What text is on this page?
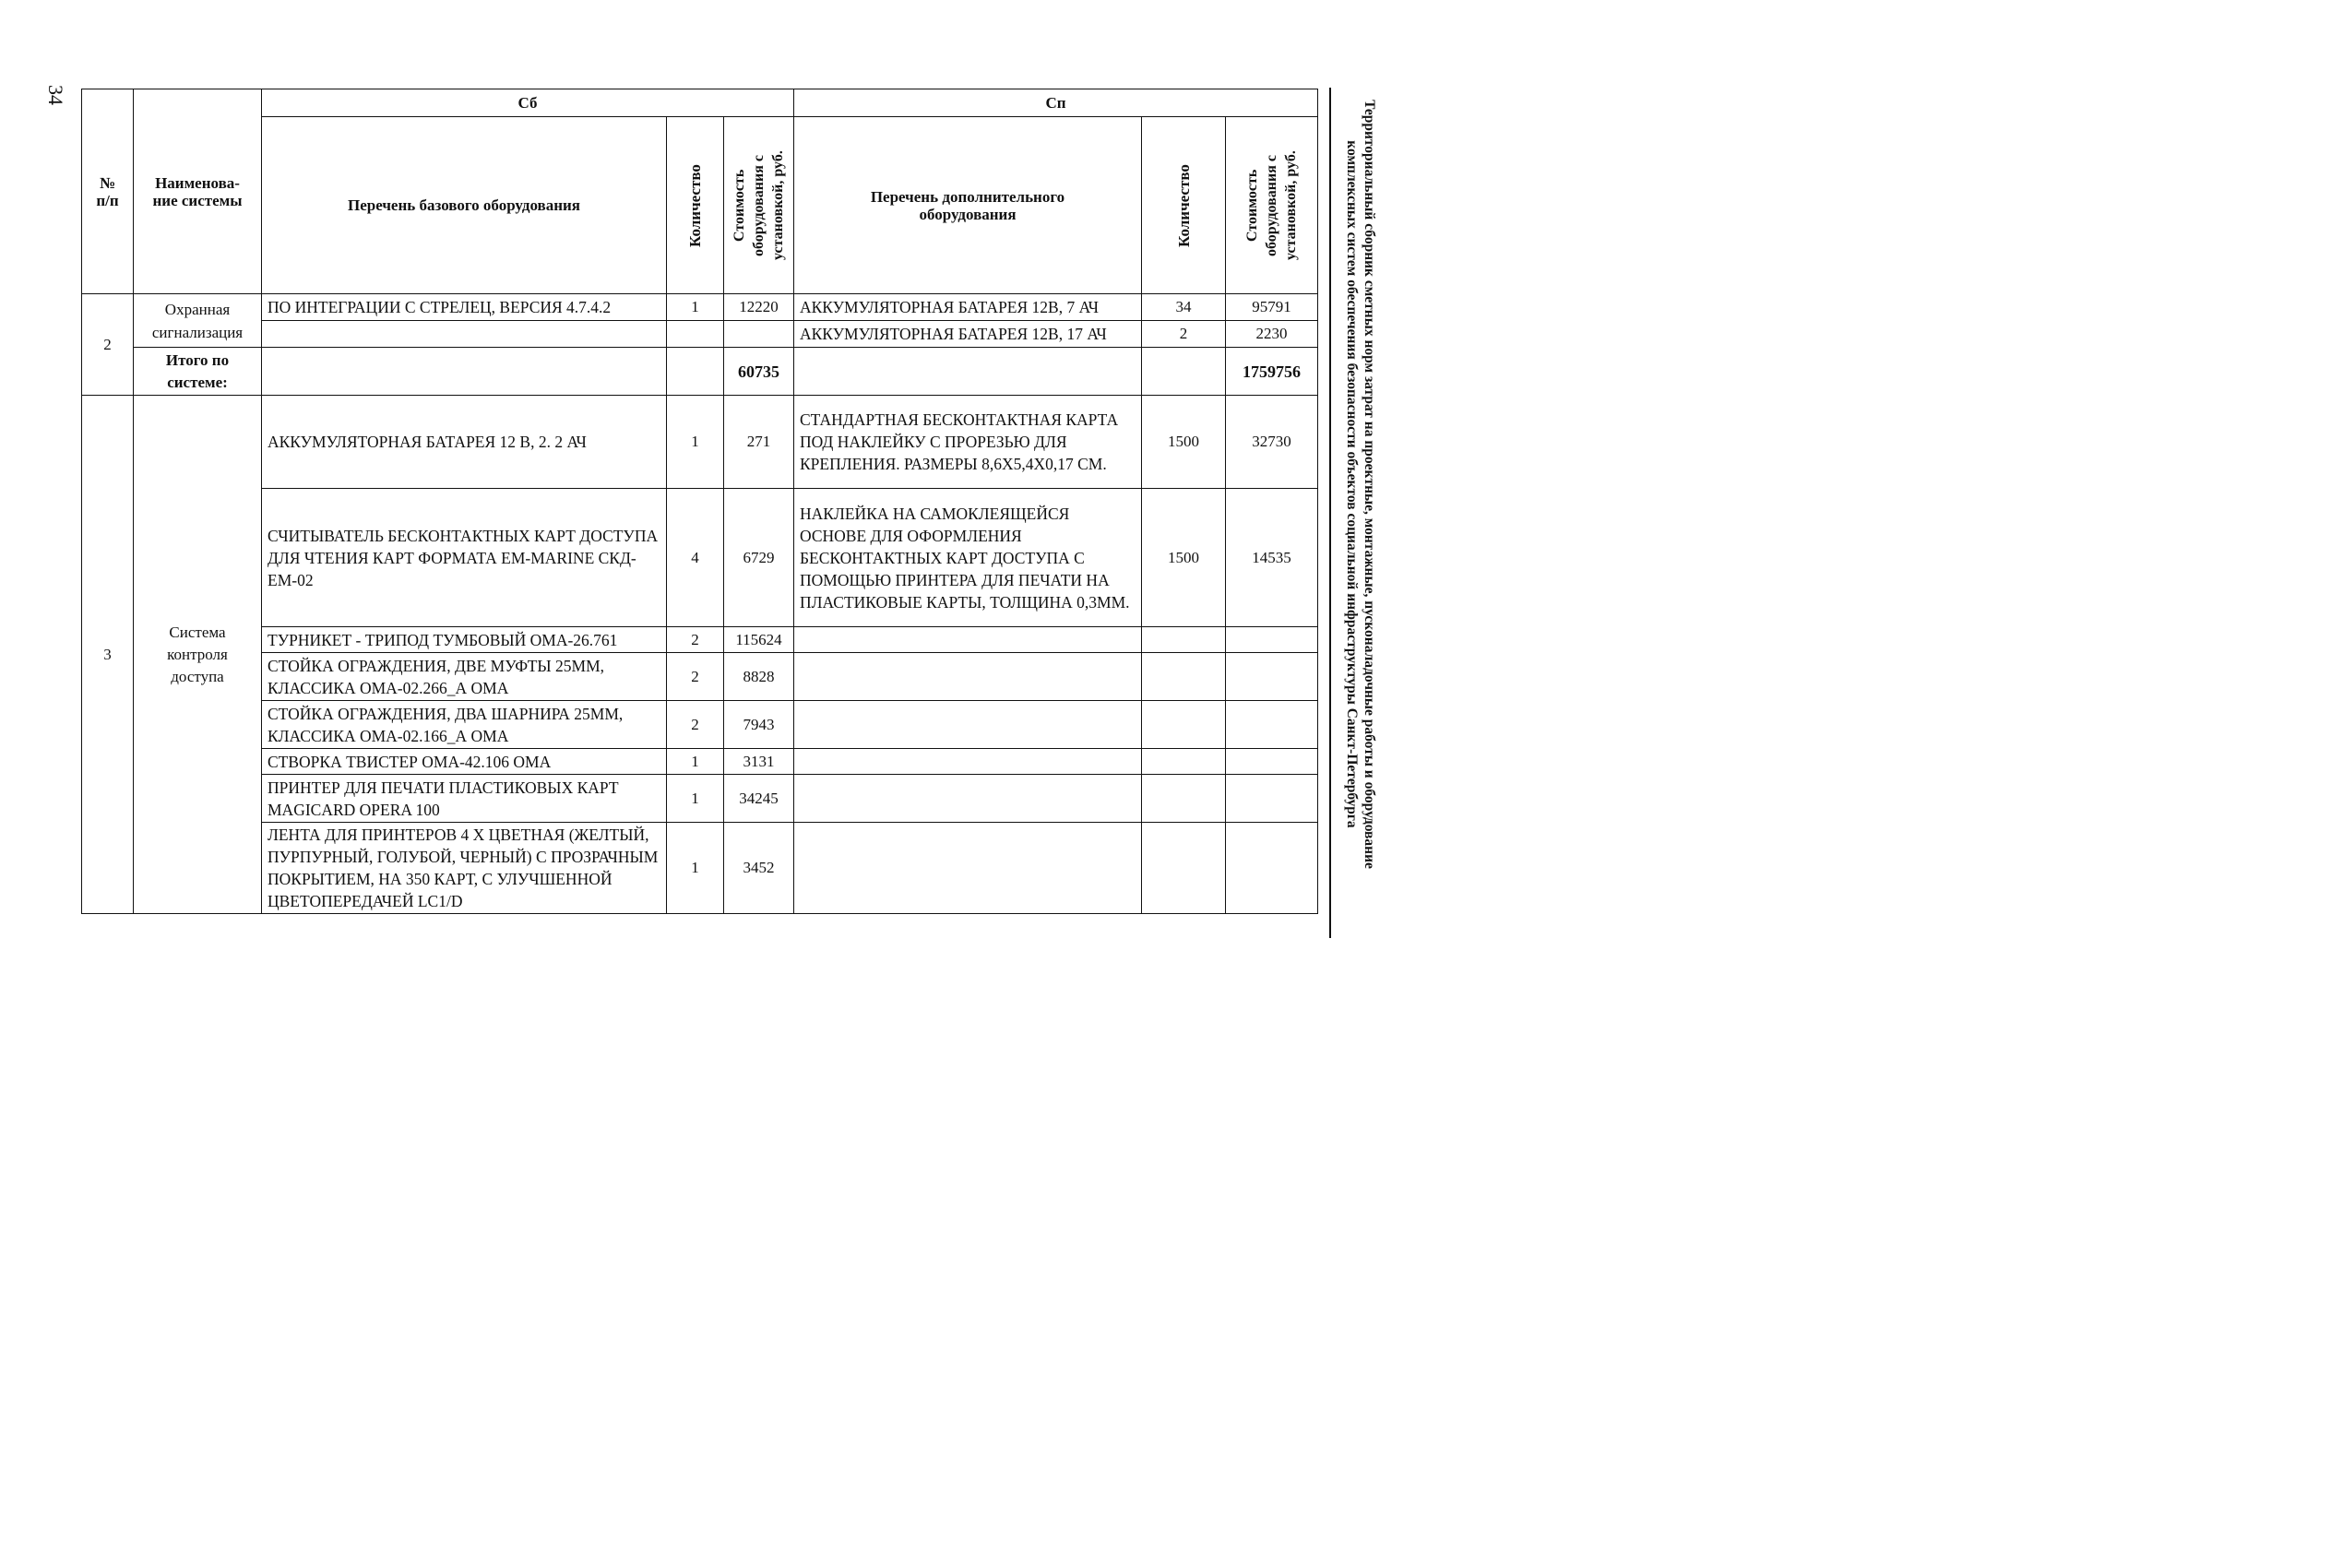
34
Территориальный сборник сметных норм затрат на проектные, монтажные, пусконаладочные работы и оборудование
комплексных систем обеспечения безопасности объектов социальной инфраструктуры Санкт-Петербурга
№ п/п	Наименова-ние системы	Сб			Сп		
		Перечень базового оборудования	Количество	Стоимость оборудования с установкой, руб.	Перечень дополнительного оборудования	Количество	Стоимость оборудования с установкой, руб.

2	Охранная сигнализация	ПО ИНТЕГРАЦИИ С СТРЕЛЕЦ, ВЕРСИЯ 4.7.4.2	1	12220	АККУМУЛЯТОРНАЯ БАТАРЕЯ 12В, 7 АЧ	34	95791
					АККУМУЛЯТОРНАЯ БАТАРЕЯ 12В, 17 АЧ	2	2230

	Итого по системе:			60735			1759756
3	Система контроля доступа	АККУМУЛЯТОРНАЯ БАТАРЕЯ 12 В, 2. 2 АЧ	1	271	СТАНДАРТНАЯ БЕСКОНТАКТНАЯ КАРТА ПОД НАКЛЕЙКУ С ПРОРЕЗЬЮ ДЛЯ КРЕПЛЕНИЯ. РАЗМЕРЫ 8,6Х5,4Х0,17 СМ.	1500	32730
		СЧИТЫВАТЕЛЬ БЕСКОНТАКТНЫХ КАРТ ДОСТУПА ДЛЯ ЧТЕНИЯ КАРТ ФОРМАТА EM-MARINE СКД-ЕМ-02	4	6729	НАКЛЕЙКА НА САМОКЛЕЯЩЕЙСЯ ОСНОВЕ ДЛЯ ОФОРМЛЕНИЯ БЕСКОНТАКТНЫХ КАРТ ДОСТУПА С ПОМОЩЬЮ ПРИНТЕРА ДЛЯ ПЕЧАТИ НА ПЛАСТИКОВЫЕ КАРТЫ, ТОЛЩИНА 0,3ММ.	1500	14535
		ТУРНИКЕТ - ТРИПОД ТУМБОВЫЙ ОМА-26.761	2	115624			
		СТОЙКА ОГРАЖДЕНИЯ, ДВЕ МУФТЫ 25ММ, КЛАССИКА ОМА-02.266_А ОМА	2	8828			
		СТОЙКА ОГРАЖДЕНИЯ, ДВА ШАРНИРА 25ММ, КЛАССИКА ОМА-02.166_А ОМА	2	7943			
		СТВОРКА ТВИСТЕР ОМА-42.106 ОМА	1	3131			
		ПРИНТЕР ДЛЯ ПЕЧАТИ ПЛАСТИКОВЫХ КАРТ MAGICARD OPERA 100	1	34245			
		ЛЕНТА ДЛЯ ПРИНТЕРОВ 4 Х ЦВЕТНАЯ (ЖЕЛТЫЙ, ПУРПУРНЫЙ, ГОЛУБОЙ, ЧЕРНЫЙ) С ПРОЗРАЧНЫМ ПОКРЫТИЕМ, НА 350 КАРТ, С УЛУЧШЕННОЙ ЦВЕТОПЕРЕДАЧЕЙ LC1/D	1	3452			
